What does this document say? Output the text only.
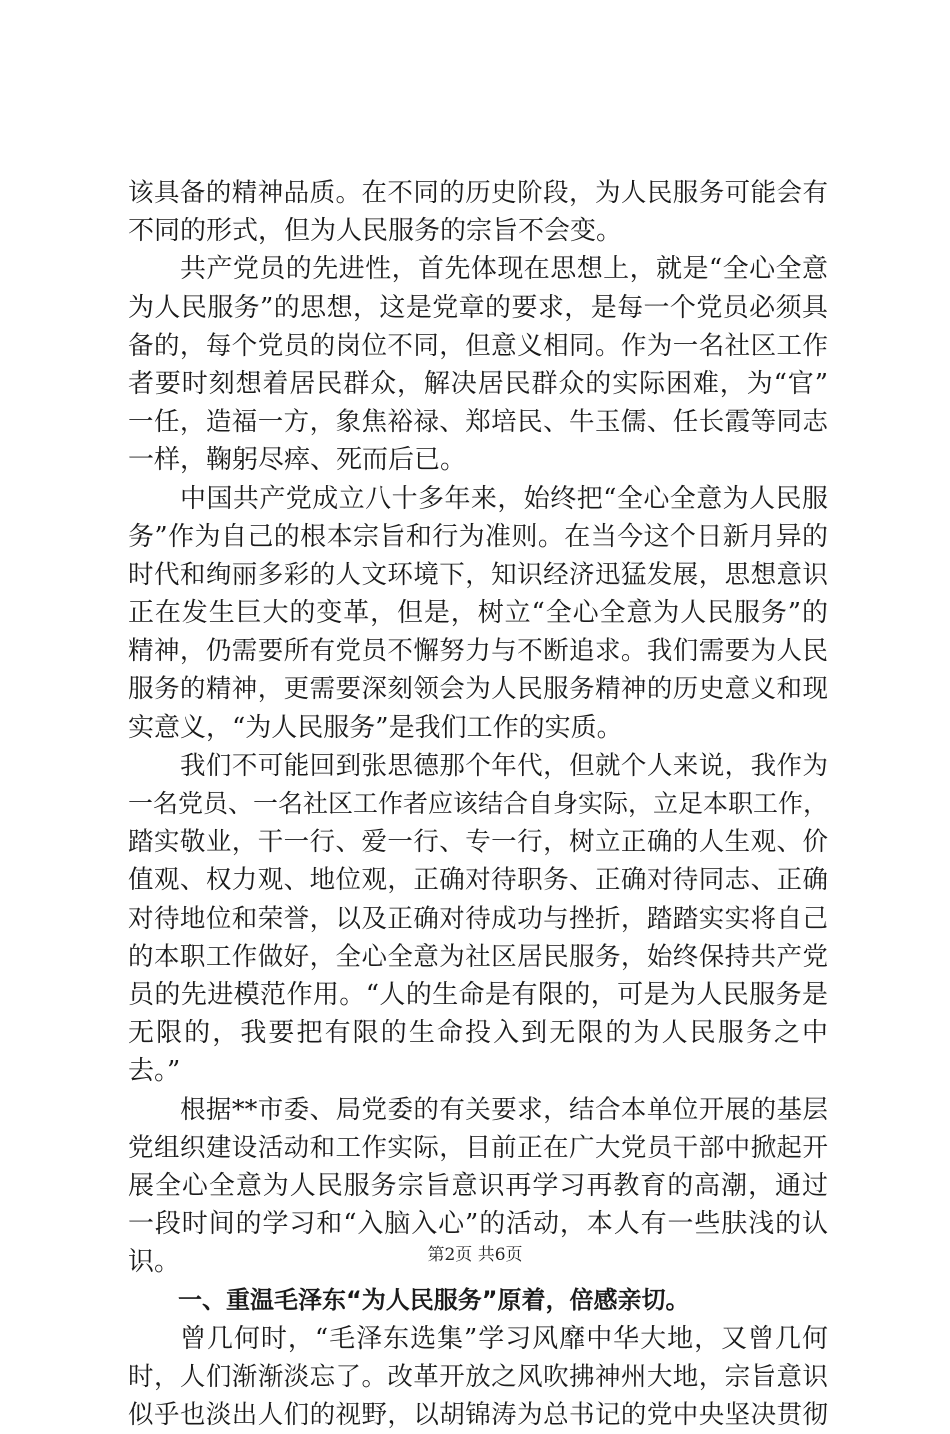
该具备的精神品质。在不同的历史阶段，为人民服务可能会有
不同的形式，但为人民服务的宗旨不会变。
共产党员的先进性，首先体现在思想上，就是“全心全意
为人民服务”的思想，这是党章的要求，是每一个党员必须具
备的，每个党员的岗位不同，但意义相同。作为一名社区工作
者要时刻想着居民群众，解决居民群众的实际困难，为“官”
一任，造福一方，象焦裕禄、郑培民、牛玉儒、任长霞等同志
一样，鞠躬尽瘁、死而后已。
中国共产党成立八十多年来，始终把“全心全意为人民服
务”作为自己的根本宗旨和行为准则。在当今这个日新月异的
时代和绚丽多彩的人文环境下，知识经济迅猛发展，思想意识
正在发生巨大的变革，但是，树立“全心全意为人民服务”的
精神，仍需要所有党员不懈努力与不断追求。我们需要为人民
服务的精神，更需要深刻领会为人民服务精神的历史意义和现
实意义，“为人民服务”是我们工作的实质。
我们不可能回到张思德那个年代，但就个人来说，我作为
一名党员、一名社区工作者应该结合自身实际，立足本职工作，
踏实敬业，干一行、爱一行、专一行，树立正确的人生观、价
值观、权力观、地位观，正确对待职务、正确对待同志、正确
对待地位和荣誉，以及正确对待成功与挫折，踏踏实实将自己
的本职工作做好，全心全意为社区居民服务，始终保持共产党
员的先进模范作用。“人的生命是有限的，可是为人民服务是
无限的，我要把有限的生命投入到无限的为人民服务之中
去。”
根据**市委、局党委的有关要求，结合本单位开展的基层
党组织建设活动和工作实际，目前正在广大党员干部中掀起开
展全心全意为人民服务宗旨意识再学习再教育的高潮，通过
一段时间的学习和“入脑入心”的活动，本人有一些肤浅的认
识。
一、重温毛泽东“为人民服务”原着，倍感亲切。
曾几何时，“毛泽东选集”学习风靡中华大地，又曾几何
时，人们渐渐淡忘了。改革开放之风吹拂神州大地，宗旨意识
似乎也淡出人们的视野，以胡锦涛为总书记的党中央坚决贯彻
第2页 共6页
